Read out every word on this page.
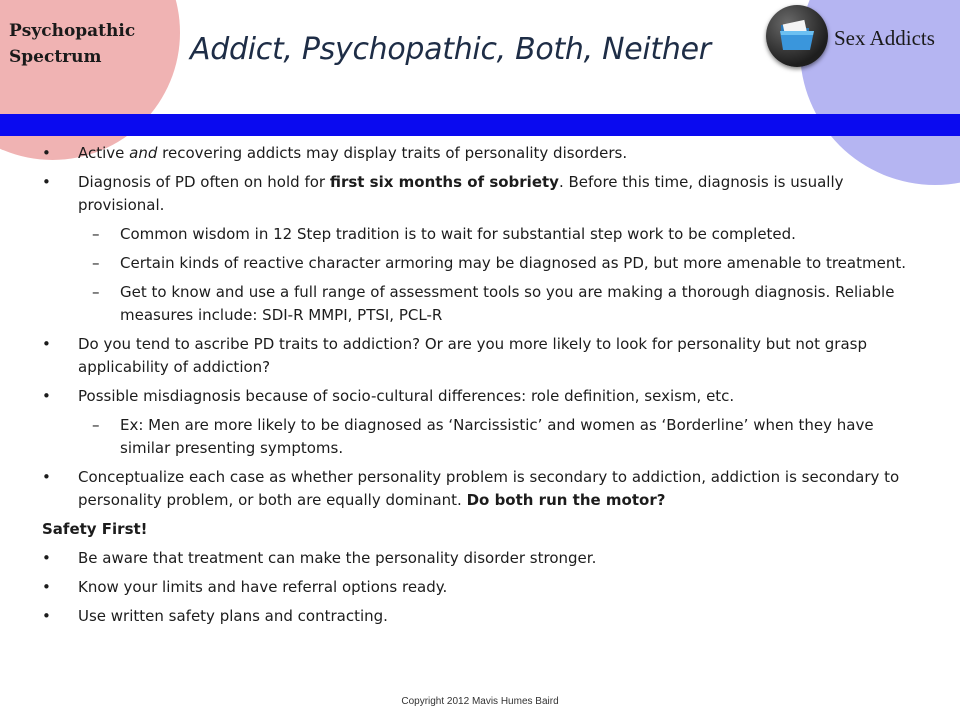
Psychopathic
Spectrum	Addict, Psychopathic, Both, Neither	Sex Addicts
• Active and recovering addicts may display traits of personality disorders.
• Diagnosis of PD often on hold for first six months of sobriety. Before this time, diagnosis is usually provisional.
– Common wisdom in 12 Step tradition is to wait for substantial step work to be completed.
– Certain kinds of reactive character armoring may be diagnosed as PD, but more amenable to treatment.
– Get to know and use a full range of assessment tools so you are making a thorough diagnosis. Reliable measures include: SDI-R MMPI, PTSI, PCL-R
• Do you tend to ascribe PD traits to addiction? Or are you more likely to look for personality but not grasp applicability of addiction?
• Possible misdiagnosis because of socio-cultural differences: role definition, sexism, etc.
– Ex: Men are more likely to be diagnosed as ‘Narcissistic’ and women as ‘Borderline’ when they have similar presenting symptoms.
• Conceptualize each case as whether personality problem is secondary to addiction, addiction is secondary to personality problem, or both are equally dominant. Do both run the motor?
Safety First!
• Be aware that treatment can make the personality disorder stronger.
• Know your limits and have referral options ready.
• Use written safety plans and contracting.
Copyright 2012 Mavis Humes Baird
